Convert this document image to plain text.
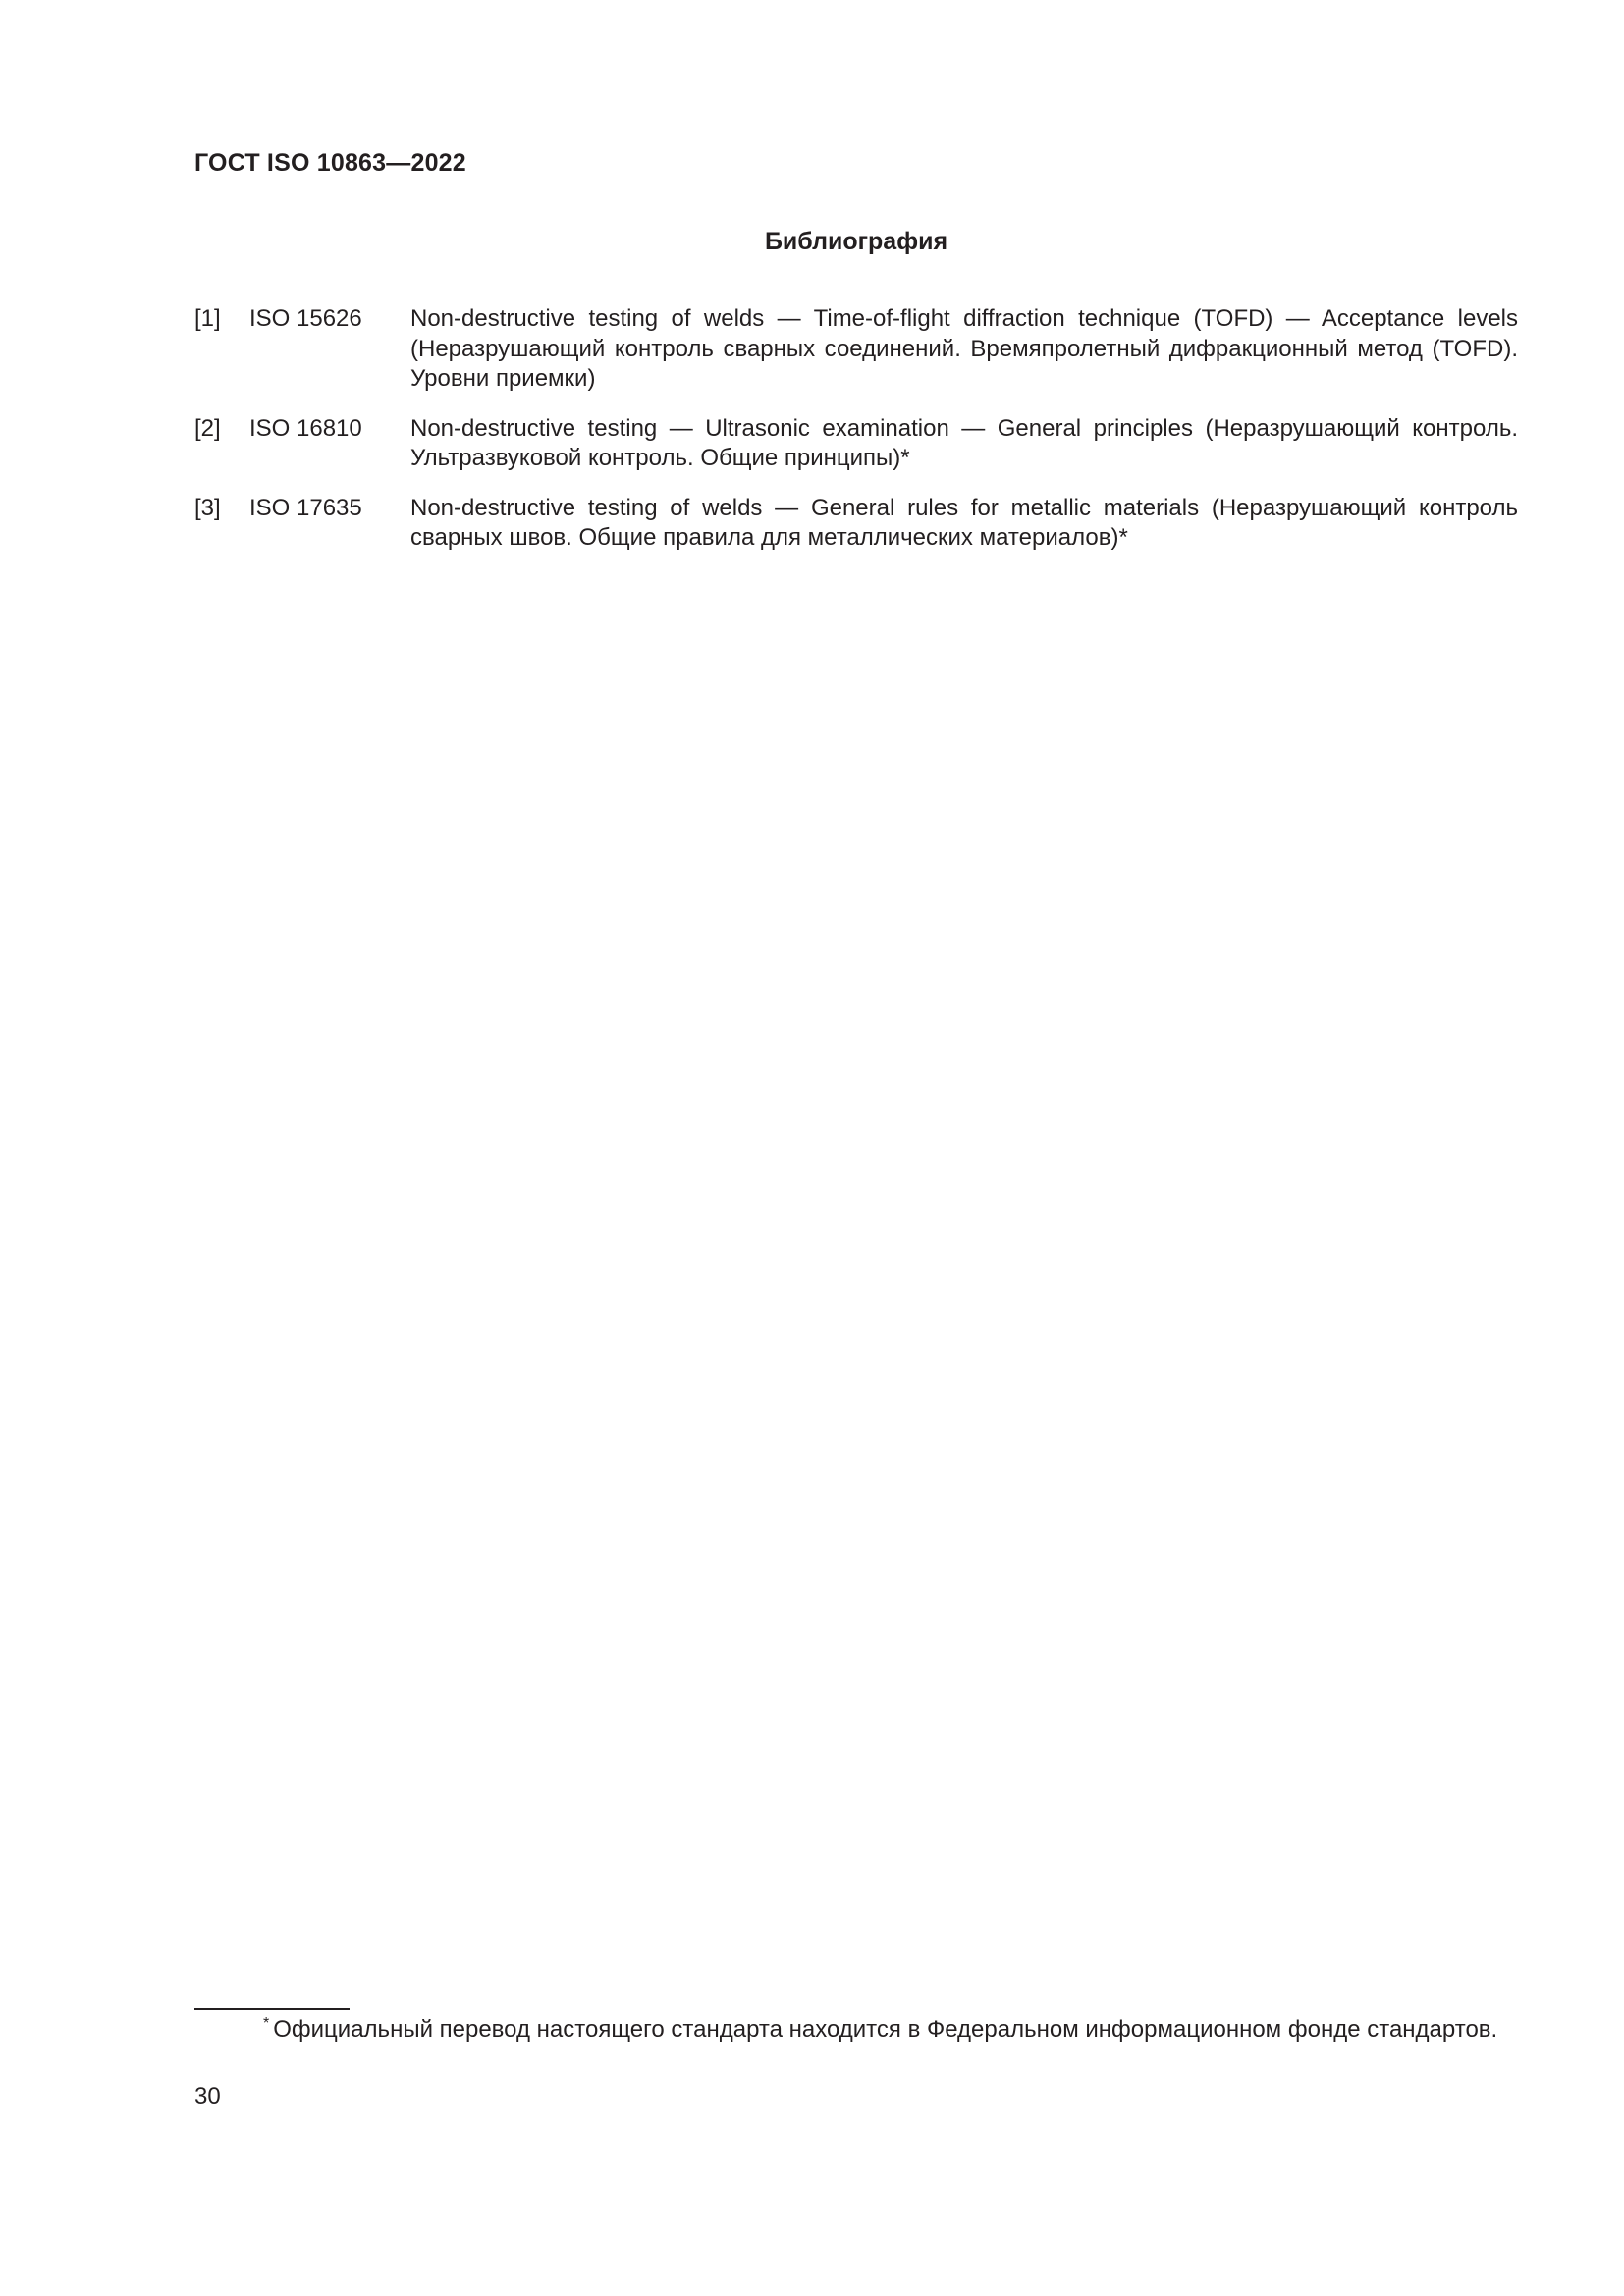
ГОСТ ISO 10863—2022
Библиография
[1] ISO 15626 Non-destructive testing of welds — Time-of-flight diffraction technique (TOFD) — Acceptance levels (Неразрушающий контроль сварных соединений. Времяпролетный дифракционный метод (TOFD). Уровни приемки)
[2] ISO 16810 Non-destructive testing — Ultrasonic examination — General principles (Неразрушающий контроль. Ультразвуковой контроль. Общие принципы)*
[3] ISO 17635 Non-destructive testing of welds — General rules for metallic materials (Неразрушающий контроль сварных швов. Общие правила для металлических материалов)*
* Официальный перевод настоящего стандарта находится в Федеральном информационном фонде стандартов.
30
